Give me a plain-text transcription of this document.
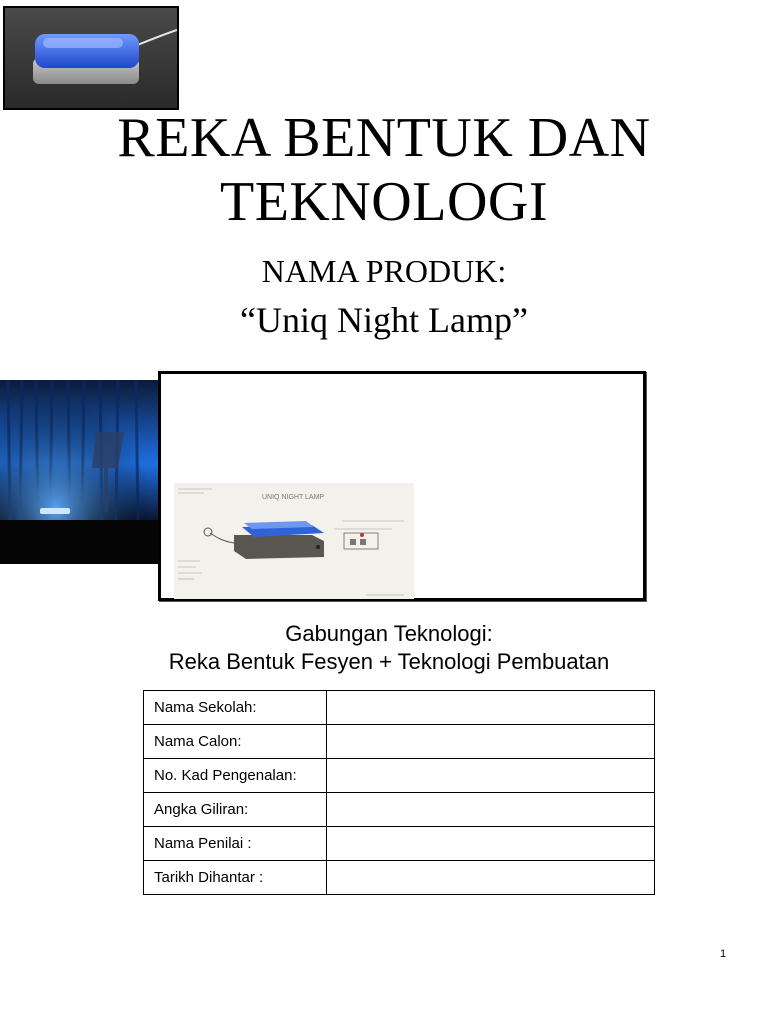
REKA BENTUK DAN
TEKNOLOGI
NAMA PRODUK:
“Uniq Night Lamp”
UNIQ NIGHT LAMP
Gabungan Teknologi:
Reka Bentuk Fesyen + Teknologi Pembuatan
Nama Sekolah:	
Nama Calon:	
No. Kad Pengenalan:	
Angka Giliran:	
Nama Penilai :	
Tarikh Dihantar :	
1
